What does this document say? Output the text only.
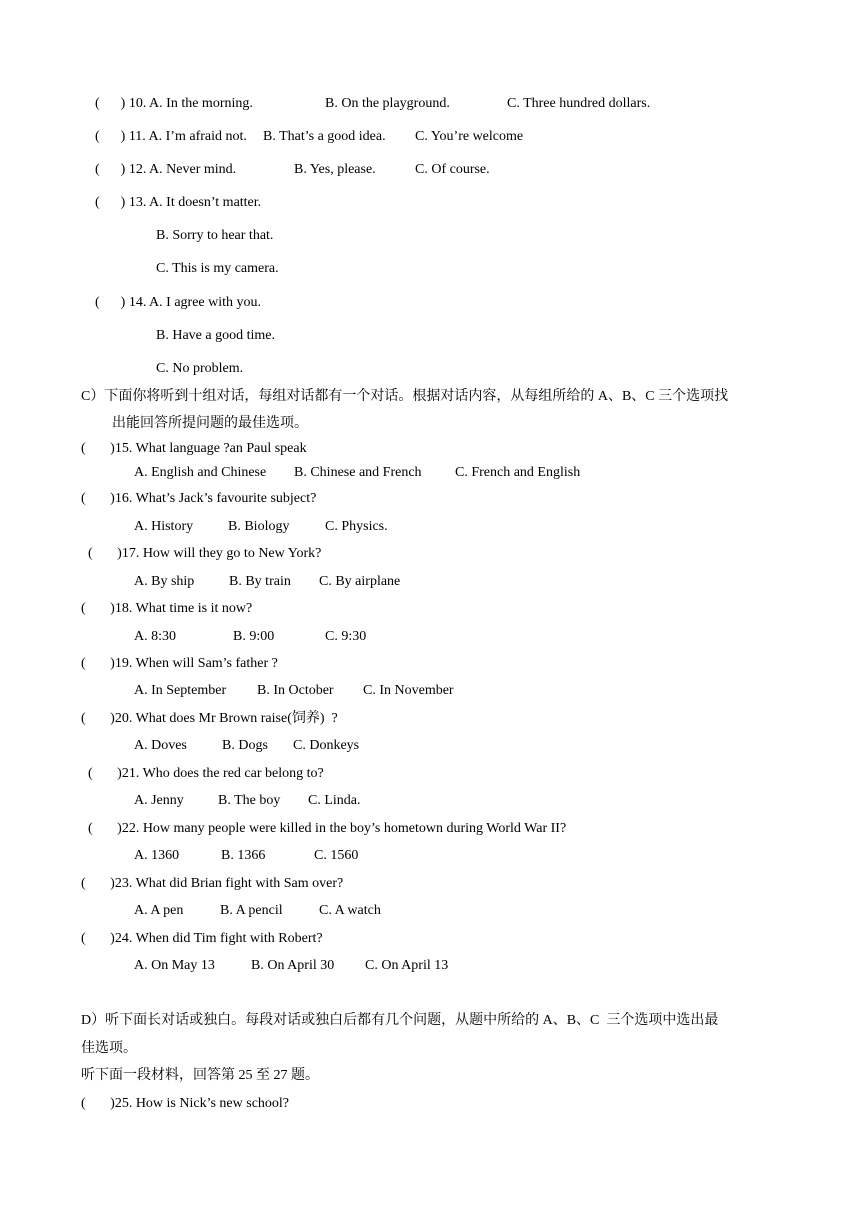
(      ) 10. A. In the morning.

	B. On the playground.

	C. Three hundred dollars.

(      ) 11. A. I’m afraid not.

B. That’s a good idea.

C. You’re welcome

(      ) 12. A. Never mind.

	B. Yes, please.

	C. Of course.

(      ) 13. A. It doesn’t matter.

B. Sorry to hear that.
C. This is my camera.

(      ) 14. A. I agree with you.

B. Have a good time.
C. No problem.
C）下面你将听到十组对话，每组对话都有一个对话。根据对话内容，从每组所给的 A、B、C 三个选项找
出能回答所提问题的最佳选项。
(       )15. What language ?an Paul speak

A. English and Chinese

B. Chinese and French

C. French and English

(       )16. What’s Jack’s favourite subject?

A. History

B. Biology

	C. Physics.

(       )17. How will they go to New York?

A. By ship

B. By train

C. By airplane

(       )18. What time is it now?

A. 8:30

	B. 9:00

	C. 9:30

(       )19. When will Sam’s father ?

A. In September

B. In October

C. In November

(       )20. What does Mr Brown raise(饲养)  ?

A. Doves

	B. Dogs

C. Donkeys

(       )21. Who does the red car belong to?

A. Jenny

B. The boy

C. Linda.

(       )22. How many people were killed in the boy’s hometown during World War II?

A. 1360

	B. 1366

	C. 1560

(       )23. What did Brian fight with Sam over?

A. A pen

	B. A pencil

	C. A watch

(       )24. When did Tim fight with Robert?

A. On May 13

	B. On April 30

C. On April 13

D）听下面长对话或独白。每段对话或独白后都有几个问题，从题中所给的 A、B、C  三个选项中选出最
佳选项。
听下面一段材料，回答第 25 至 27 题。
(       )25. How is Nick’s new school?
